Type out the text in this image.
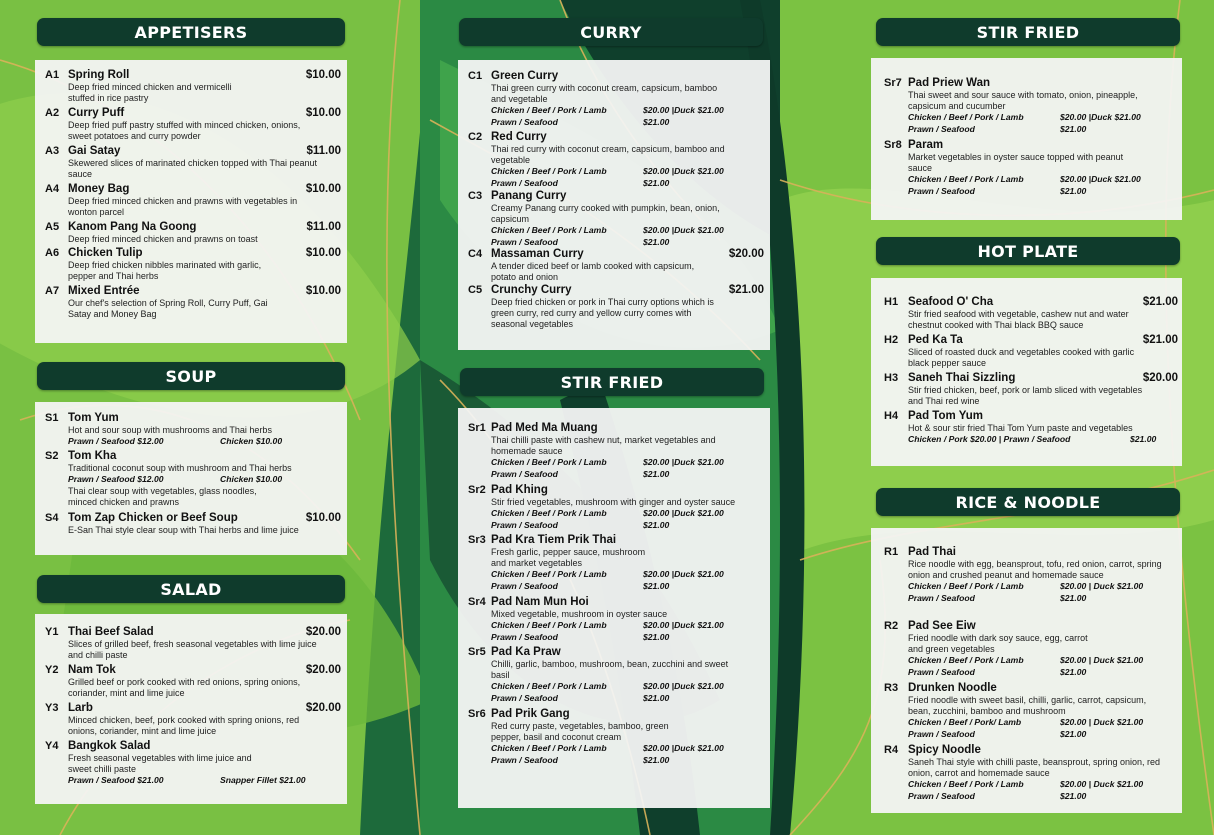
APPETISERS
A1 Spring Roll	$10.00
Deep fried minced chicken and vermicelli stuffed in rice pastry
A2 Curry Puff	$10.00
Deep fried puff pastry stuffed with minced chicken, onions, sweet potatoes and curry powder
A3 Gai Satay	$11.00
Skewered slices of marinated chicken topped with Thai peanut sauce
A4 Money Bag	$10.00
Deep fried minced chicken and prawns with vegetables in wonton parcel
A5 Kanom Pang Na Goong	$11.00
Deep fried minced chicken and prawns on toast
A6 Chicken Tulip	$10.00
Deep fried chicken nibbles marinated with garlic, pepper and Thai herbs
A7 Mixed Entrée	$10.00
Our chef's selection of Spring Roll, Curry Puff, Gai Satay and Money Bag
SOUP
S1 Tom Yum
Hot and sour soup with mushrooms and Thai herbs
Prawn / Seafood $12.00	Chicken $10.00
S2 Tom Kha
Traditional coconut soup with mushroom and Thai herbs
Prawn / Seafood $12.00	Chicken $10.00
Thai clear soup with vegetables, glass noodles, minced chicken and prawns
S4 Tom Zap Chicken or Beef Soup	$10.00
E-San Thai style clear soup with Thai herbs and lime juice
SALAD
Y1 Thai Beef Salad	$20.00
Slices of grilled beef, fresh seasonal vegetables with lime juice and chilli paste
Y2 Nam Tok	$20.00
Grilled beef or pork cooked with red onions, spring onions, coriander, mint and lime juice
Y3 Larb	$20.00
Minced chicken, beef, pork cooked with spring onions, red onions, coriander, mint and lime juice
Y4 Bangkok Salad
Fresh seasonal vegetables with lime juice and sweet chilli paste
Prawn / Seafood $21.00	Snapper Fillet $21.00
CURRY
C1 Green Curry
Thai green curry with coconut cream, capsicum, bamboo and vegetable
Chicken / Beef / Pork / Lamb	$20.00 |Duck $21.00
Prawn / Seafood	$21.00
C2 Red Curry
Thai red curry with coconut cream, capsicum, bamboo and vegetable
Chicken / Beef / Pork / Lamb	$20.00 |Duck $21.00
Prawn / Seafood	$21.00
C3 Panang Curry
Creamy Panang curry cooked with pumpkin, bean, onion, capsicum
Chicken / Beef / Pork / Lamb	$20.00 |Duck $21.00
Prawn / Seafood	$21.00
C4 Massaman Curry	$20.00
A tender diced beef or lamb cooked with capsicum, potato and onion
C5 Crunchy Curry	$21.00
Deep fried chicken or pork in Thai curry options which is green curry, red curry and yellow curry comes with seasonal vegetables
STIR FRIED
Sr1 Pad Med Ma Muang
Thai chilli paste with cashew nut, market vegetables and homemade sauce
Chicken / Beef / Pork / Lamb	$20.00 |Duck $21.00
Prawn / Seafood	$21.00
Sr2 Pad Khing
Stir fried vegetables, mushroom with ginger and oyster sauce
Chicken / Beef / Pork / Lamb	$20.00 |Duck $21.00
Prawn / Seafood	$21.00
Sr3 Pad Kra Tiem Prik Thai
Fresh garlic, pepper sauce, mushroom and market vegetables
Chicken / Beef / Pork / Lamb	$20.00 |Duck $21.00
Prawn / Seafood	$21.00
Sr4 Pad Nam Mun Hoi
Mixed vegetable, mushroom in oyster sauce
Chicken / Beef / Pork / Lamb	$20.00 |Duck $21.00
Prawn / Seafood	$21.00
Sr5 Pad Ka Praw
Chilli, garlic, bamboo, mushroom, bean, zucchini and sweet basil
Chicken / Beef / Pork / Lamb	$20.00 |Duck $21.00
Prawn / Seafood	$21.00
Sr6 Pad Prik Gang
Red curry paste, vegetables, bamboo, green pepper, basil and coconut cream
Chicken / Beef / Pork / Lamb	$20.00 |Duck $21.00
Prawn / Seafood	$21.00
STIR FRIED
Sr7 Pad Priew Wan
Thai sweet and sour sauce with tomato, onion, pineapple, capsicum and cucumber
Chicken / Beef / Pork / Lamb	$20.00 |Duck $21.00
Prawn / Seafood	$21.00
Sr8 Param
Market vegetables in oyster sauce topped with peanut sauce
Chicken / Beef / Pork / Lamb	$20.00 |Duck $21.00
Prawn / Seafood	$21.00
HOT PLATE
H1 Seafood O' Cha	$21.00
Stir fried seafood with vegetable, cashew nut and water chestnut cooked with Thai black BBQ sauce
H2 Ped Ka Ta	$21.00
Sliced of roasted duck and vegetables cooked with garlic black pepper sauce
H3 Saneh Thai Sizzling	$20.00
Stir fried chicken, beef, pork or lamb sliced with vegetables and Thai red wine
H4 Pad Tom Yum
Hot & sour stir fried Thai Tom Yum paste and vegetables
Chicken / Pork $20.00 | Prawn / Seafood	$21.00
RICE & NOODLE
R1 Pad Thai
Rice noodle with egg, beansprout, tofu, red onion, carrot, spring onion and crushed peanut and homemade sauce
Chicken / Beef / Pork / Lamb	$20.00 | Duck $21.00
Prawn / Seafood	$21.00
R2 Pad See Eiw
Fried noodle with dark soy sauce, egg, carrot and green vegetables
Chicken / Beef / Pork / Lamb	$20.00 | Duck $21.00
Prawn / Seafood	$21.00
R3 Drunken Noodle
Fried noodle with sweet basil, chilli, garlic, carrot, capsicum, bean, zucchini, bamboo and mushroom
Chicken / Beef / Pork/ Lamb	$20.00 | Duck $21.00
Prawn / Seafood	$21.00
R4 Spicy Noodle
Saneh Thai style with chilli paste, beansprout, spring onion, red onion, carrot and homemade sauce
Chicken / Beef / Pork / Lamb	$20.00 | Duck $21.00
Prawn / Seafood	$21.00
